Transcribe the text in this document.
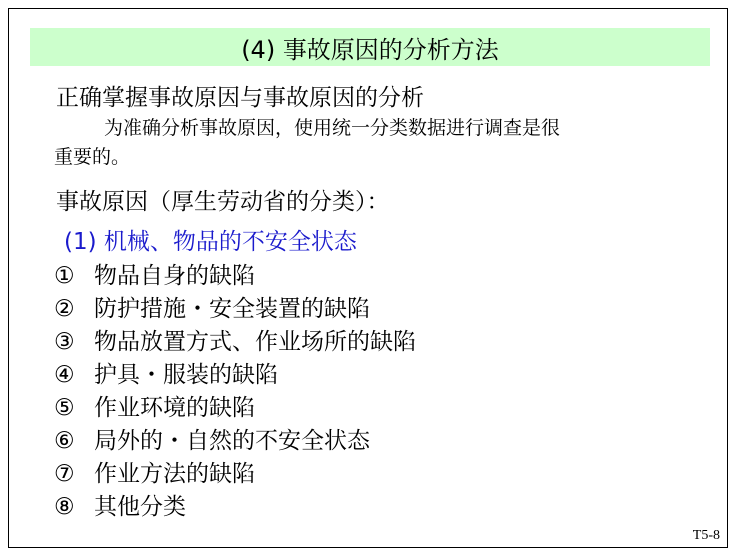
(4) 事故原因的分析方法
正确掌握事故原因与事故原因的分析
为准确分析事故原因，使用统一分类数据进行调查是很
重要的。
事故原因（厚生劳动省的分类）：
(1) 机械、物品的不安全状态
① 物品自身的缺陷
② 防护措施・安全装置的缺陷
③ 物品放置方式、作业场所的缺陷
④ 护具・服装的缺陷
⑤ 作业环境的缺陷
⑥ 局外的・自然的不安全状态
⑦ 作业方法的缺陷
⑧ 其他分类
T5-8
